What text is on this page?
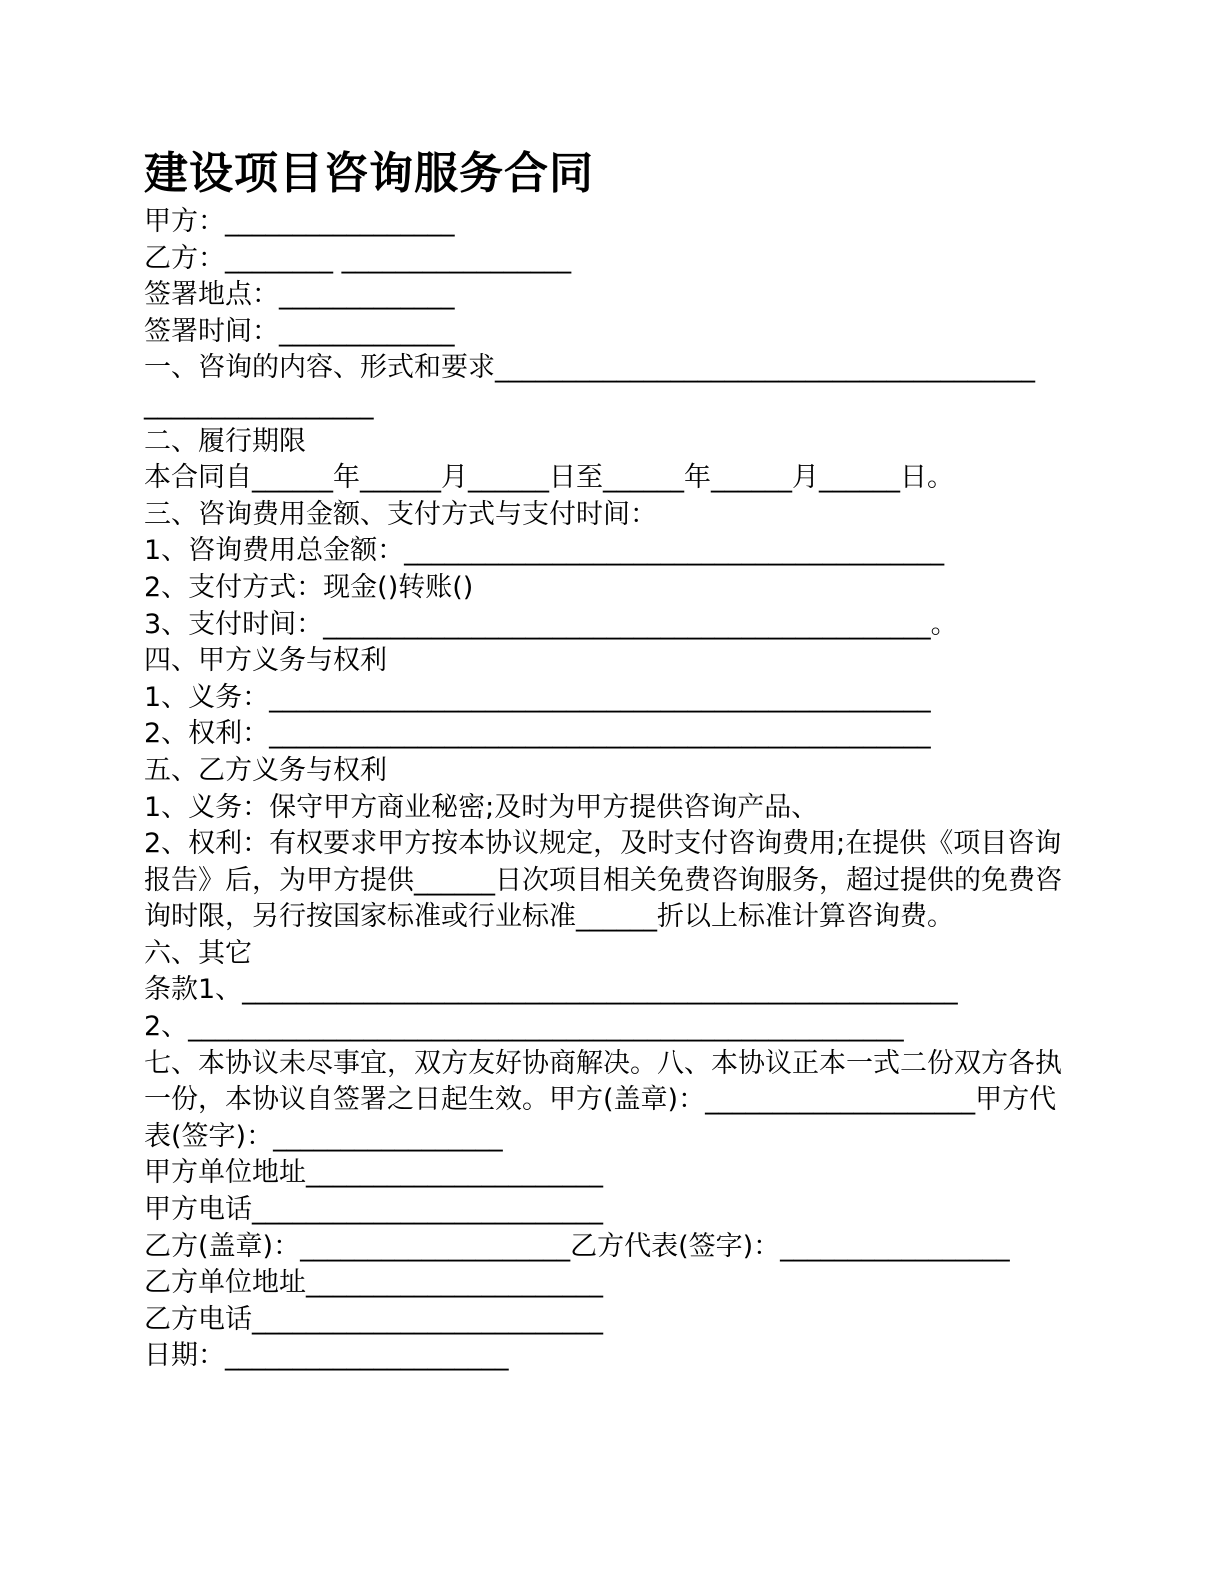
建设项目咨询服务合同
甲方：_________________
乙方：________ _________________
签署地点：_____________
签署时间：_____________
一、咨询的内容、形式和要求________________________________________
_________________
二、履行期限
本合同自______年______月______日至______年______月______日。
三、咨询费用金额、支付方式与支付时间：
1、咨询费用总金额：________________________________________
2、支付方式：现金()转账()
3、支付时间：_____________________________________________。
四、甲方义务与权利
1、义务：_________________________________________________
2、权利：_________________________________________________
五、乙方义务与权利
1、义务：保守甲方商业秘密;及时为甲方提供咨询产品、

2、权利：有权要求甲方按本协议规定，及时支付咨询费用;在提供《项目咨询报告》后，为甲方提供______日次项目相关免费咨询服务，超过提供的免费咨询时限，另行按国家标准或行业标准______折以上标准计算咨询费。

六、其它
条款1、_____________________________________________________
2、_____________________________________________________

七、本协议未尽事宜，双方友好协商解决。八、本协议正本一式二份双方各执一份，本协议自签署之日起生效。甲方(盖章)：____________________甲方代表(签字)：_________________

甲方单位地址______________________
甲方电话__________________________
乙方(盖章)：____________________乙方代表(签字)：_________________
乙方单位地址______________________
乙方电话__________________________
日期：_____________________
